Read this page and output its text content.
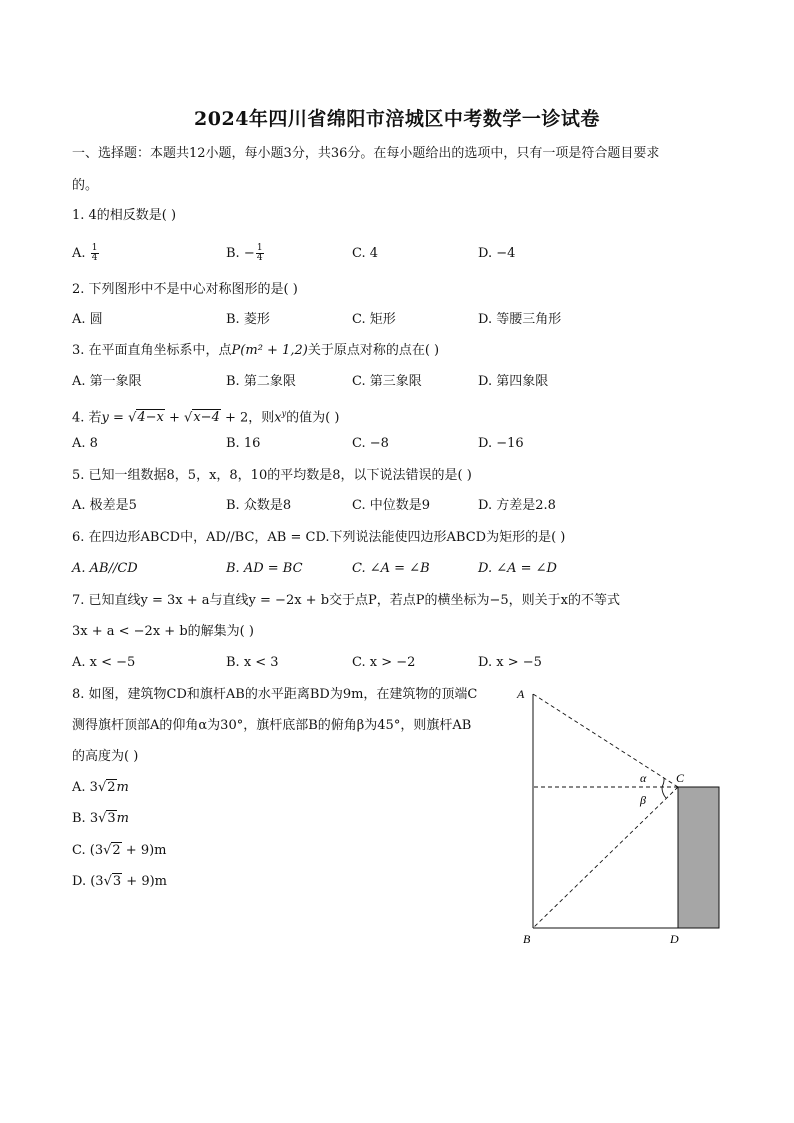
2024年四川省绵阳市涪城区中考数学一诊试卷
一、选择题：本题共12小题，每小题3分，共36分。在每小题给出的选项中，只有一项是符合题目要求
的。
1. 4的相反数是( )
A. $\frac{1}{4}$	B. − $\frac{1}{4}$	C. 4	D. −4
2. 下列图形中不是中心对称图形的是( )
A. 圆	B. 菱形	C. 矩形	D. 等腰三角形
3. 在平面直角坐标系中，点P(m² + 1,2)关于原点对称的点在( )
A. 第一象限	B. 第二象限	C. 第三象限	D. 第四象限
4. 若y = √4−x + √x−4 + 2，则$x^y$的值为( )
A. 8	B. 16	C. −8	D. −16
5. 已知一组数据8，5，x，8，10的平均数是8，以下说法错误的是( )
A. 极差是5	B. 众数是8	C. 中位数是9	D. 方差是2.8
6. 在四边形ABCD中，AD//BC，AB = CD.下列说法能使四边形ABCD为矩形的是( )
A. AB//CD	B. AD = BC	C. ∠A = ∠B	D. ∠A = ∠D
7. 已知直线y = 3x + a与直线y = −2x + b交于点P，若点P的横坐标为−5，则关于x的不等式
3x + a < −2x + b的解集为( )
A. x < −5	B. x < 3	C. x > −2	D. x > −5
8. 如图，建筑物CD和旗杆AB的水平距离BD为9m，在建筑物的顶端C
测得旗杆顶部A的仰角α为30°，旗杆底部B的俯角β为45°，则旗杆AB
的高度为( )
A. 3√2m
B. 3√3m
C. (3√2 + 9)m
D. (3√3 + 9)m
A
B
C
D
α
β
